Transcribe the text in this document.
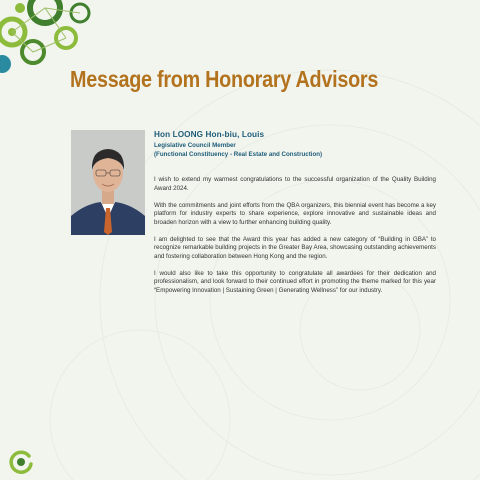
Message from Honorary Advisors
Hon LOONG Hon-biu, Louis
Legislative Council Member
(Functional Constituency - Real Estate and Construction)

I wish to extend my warmest congratulations to the successful organization of the Quality Building Award 2024.

With the commitments and joint efforts from the QBA organizers, this biennial event has become a key platform for industry experts to share experience, explore innovative and sustainable ideas and broaden horizon with a view to further enhancing building quality.

I am delighted to see that the Award this year has added a new category of “Building in GBA” to recognize remarkable building projects in the Greater Bay Area, showcasing outstanding achievements and fostering collaboration between Hong Kong and the region.

I would also like to take this opportunity to congratulate all awardees for their dedication and professionalism, and look forward to their continued effort in promoting the theme marked for this year “Empowering Innovation | Sustaining Green | Generating Wellness” for our industry.
